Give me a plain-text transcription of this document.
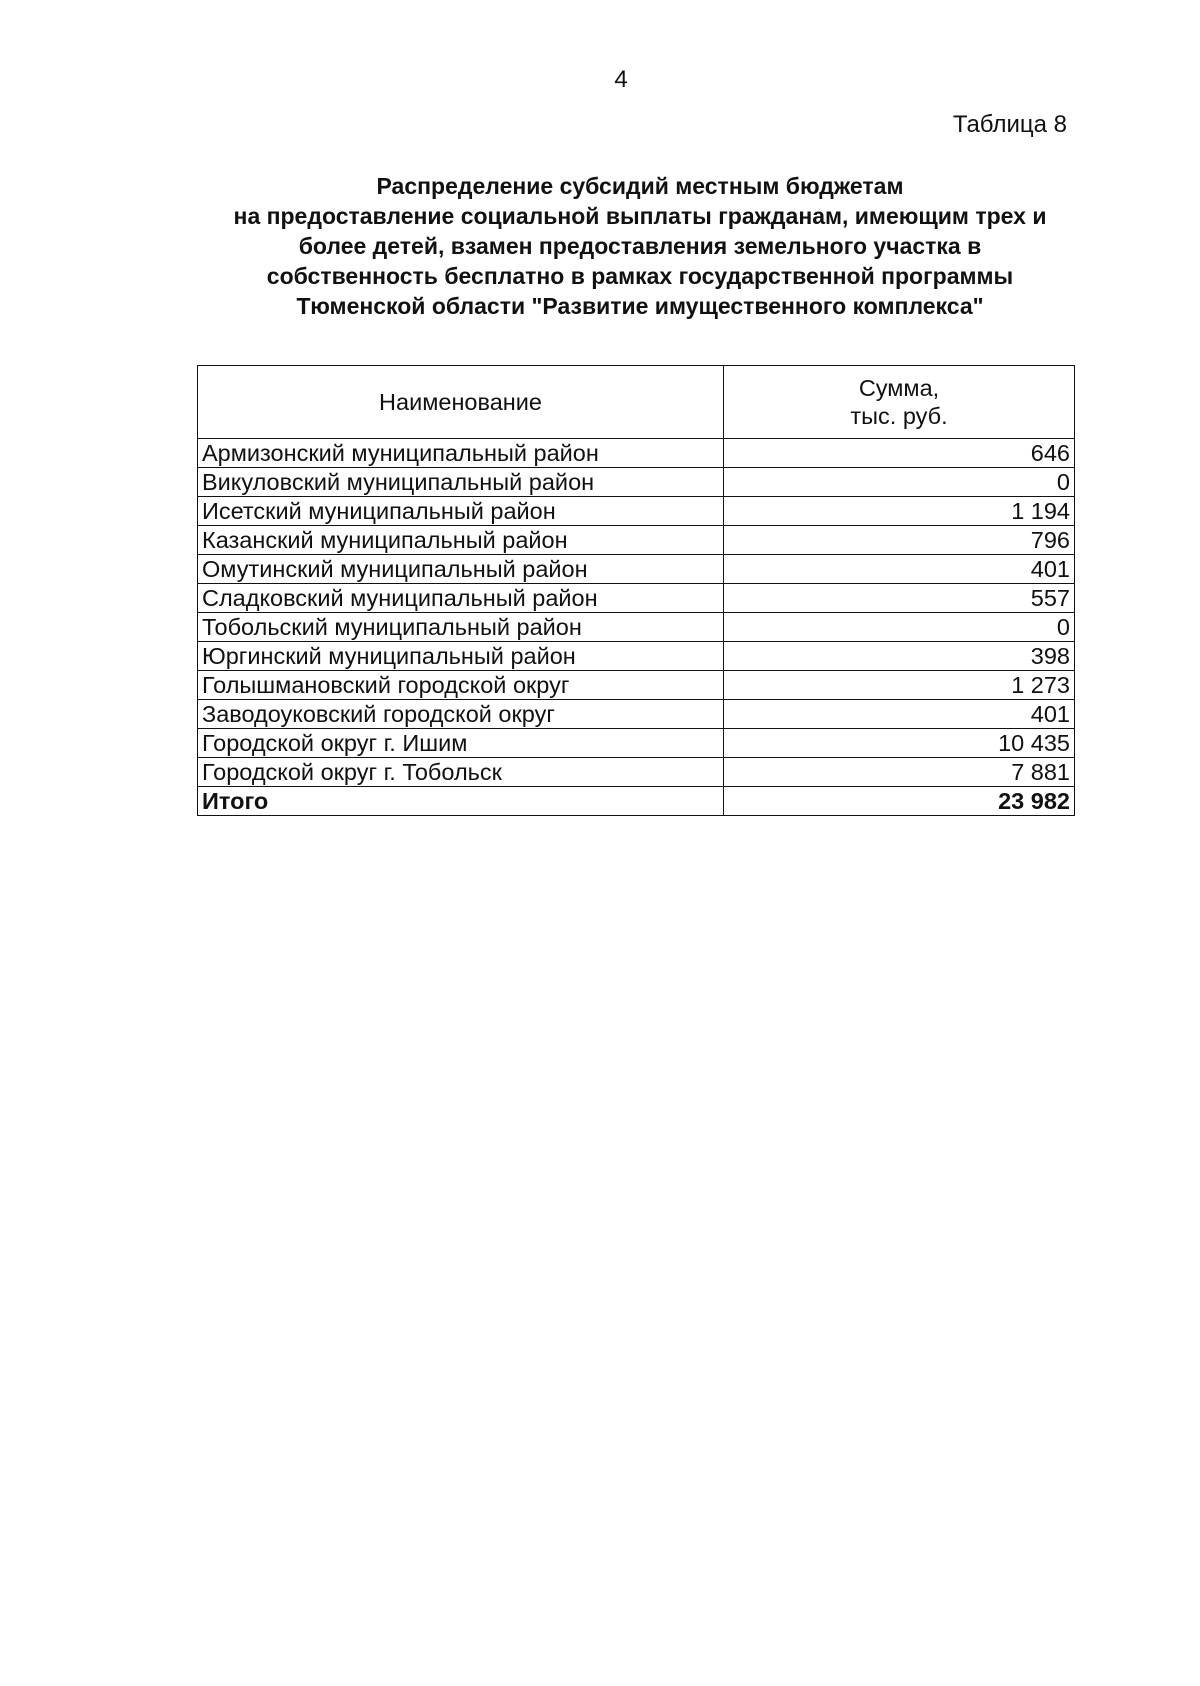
4
Таблица 8
Распределение субсидий местным бюджетам
на предоставление социальной выплаты гражданам, имеющим трех и
более детей, взамен предоставления земельного участка в
собственность бесплатно в рамках государственной программы
Тюменской области "Развитие имущественного комплекса"
Наименование	Сумма,
тыс. руб.

Армизонский муниципальный район	646
Викуловский муниципальный район	0
Исетский муниципальный район	1 194
Казанский муниципальный район	796
Омутинский муниципальный район	401
Сладковский муниципальный район	557
Тобольский муниципальный район	0
Юргинский муниципальный район	398
Голышмановский городской округ	1 273
Заводоуковский городской округ	401
Городской округ г. Ишим	10 435
Городской округ г. Тобольск	7 881
Итого	23 982
